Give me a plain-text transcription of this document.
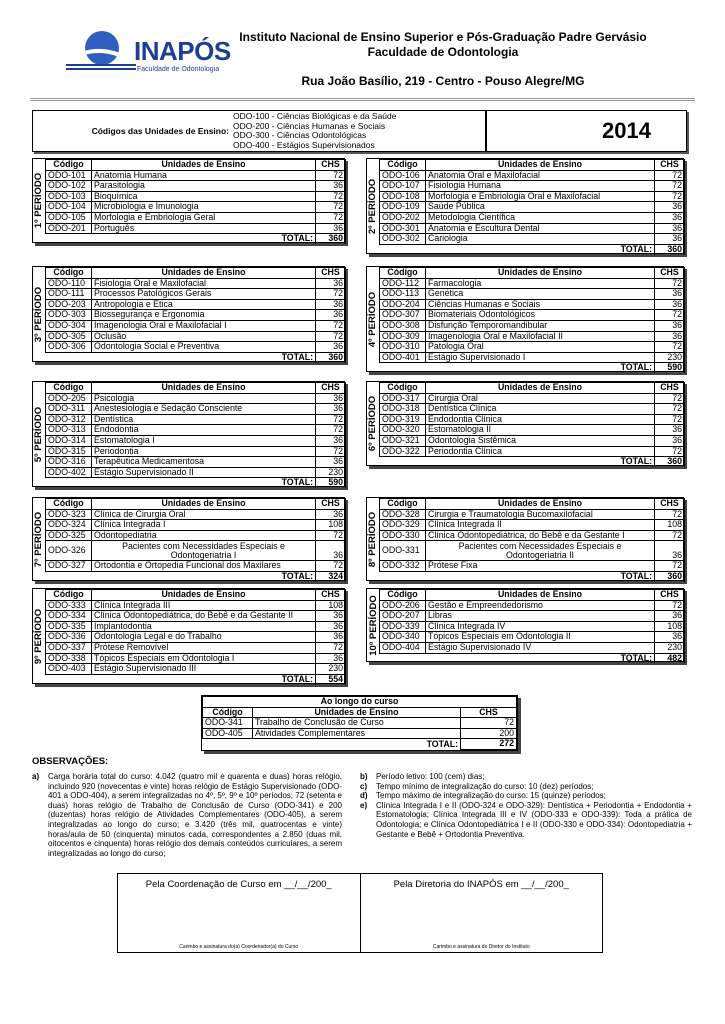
INAPÓS
Faculdade de Odontologia
Instituto Nacional de Ensino Superior e Pós-Graduação Padre Gervásio
Faculdade de Odontologia
Rua João Basílio, 219 - Centro - Pouso Alegre/MG
Códigos das Unidades de Ensino:
ODO-100 - Ciências Biológicas e da Saúde
ODO-200 - Ciências Humanas e Sociais
ODO-300 - Ciências Odontológicas
ODO-400 - Estágios Supervisionados
2014
1º PERÍODO
Código	Unidades de Ensino	CHS
ODO-101	Anatomia Humana	72
ODO-102	Parasitologia	36
ODO-103	Bioquímica	72
ODO-104	Microbiologia e Imunologia	72
ODO-105	Morfologia e Embriologia Geral	72
ODO-201	Português	36
TOTAL:		360
2º PERÍODO
Código	Unidades de Ensino	CHS
ODO-106	Anatomia Oral e Maxilofacial	72
ODO-107	Fisiologia Humana	72
ODO-108	Morfologia e Embriologia Oral e Maxilofacial	72
ODO-109	Saúde Pública	36
ODO-202	Metodologia Científica	36
ODO-301	Anatomia e Escultura Dental	36
ODO-302	Cariologia	36
TOTAL:		360
3º PERÍODO
Código	Unidades de Ensino	CHS
ODO-110	Fisiologia Oral e Maxilofacial	36
ODO-111	Processos Patológicos Gerais	72
ODO-203	Antropologia e Ética	36
ODO-303	Biossegurança e Ergonomia	36
ODO-304	Imagenologia Oral e Maxilofacial I	72
ODO-305	Oclusão	72
ODO-306	Odontologia Social e Preventiva	36
TOTAL:		360
4º PERÍODO
Código	Unidades de Ensino	CHS
ODO-112	Farmacologia	72
ODO-113	Genética	36
ODO-204	Ciências Humanas e Sociais	36
ODO-307	Biomateriais Odontológicos	72
ODO-308	Disfunção Temporomandibular	36
ODO-309	Imagenologia Oral e Maxilofacial II	36
ODO-310	Patologia Oral	72
ODO-401	Estágio Supervisionado I	230
TOTAL:		590
5º PERÍODO
Código	Unidades de Ensino	CHS
ODO-205	Psicologia	36
ODO-311	Anestesiologia e Sedação Consciente	36
ODO-312	Dentística	72
ODO-313	Endodontia	72
ODO-314	Estomatologia I	36
ODO-315	Periodontia	72
ODO-316	Terapêutica Medicamentosa	36
ODO-402	Estágio Supervisionado II	230
TOTAL:		590
6º PERÍODO
Código	Unidades de Ensino	CHS
ODO-317	Cirurgia Oral	72
ODO-318	Dentística Clínica	72
ODO-319	Endodontia Clínica	72
ODO-320	Estomatologia II	36
ODO-321	Odontologia Sistêmica	36
ODO-322	Periodontia Clínica	72
TOTAL:		360
7º PERÍODO
Código	Unidades de Ensino	CHS
ODO-323	Clínica de Cirurgia Oral	36
ODO-324	Clínica Integrada I	108
ODO-325	Odontopediatria	72
ODO-326	Pacientes com Necessidades Especiais e
Odontogeriatria I	36
ODO-327	Ortodontia e Ortopedia Funcional dos Maxilares	72
TOTAL:		324
8º PERÍODO
Código	Unidades de Ensino	CHS
ODO-328	Cirurgia e Traumatologia Bucomaxilofacial	72
ODO-329	Clínica Integrada II	108
ODO-330	Clínica Odontopediátrica, do Bebê e da Gestante I	72
ODO-331	Pacientes com Necessidades Especiais e
Odontogeriatria II	36
ODO-332	Prótese Fixa	72
TOTAL:		360
9º PERÍODO
Código	Unidades de Ensino	CHS
ODO-333	Clínica Integrada III	108
ODO-334	Clínica Odontopediátrica, do Bebê e da Gestante II	36
ODO-335	Implantodontia	36
ODO-336	Odontologia Legal e do Trabalho	36
ODO-337	Prótese Removível	72
ODO-338	Tópicos Especiais em Odontologia I	36
ODO-403	Estágio Supervisionado III	230
TOTAL:		554
10º PERÍODO
Código	Unidades de Ensino	CHS
ODO-206	Gestão e Empreendedorismo	72
ODO-207	Libras	36
ODO-339	Clínica Integrada IV	108
ODO-340	Tópicos Especiais em Odontologia II	36
ODO-404	Estágio Supervisionado IV	230
TOTAL:		482
Ao longo do curso		
Código	Unidades de Ensino	CHS
ODO-341	Trabalho de Conclusão de Curso	72
ODO-405	Atividades Complementares	200
TOTAL:		272
OBSERVAÇÕES:
a)	Carga horária total do curso: 4.042 (quatro mil e quarenta e duas) horas relógio, incluindo 920 (novecentas e vinte) horas relógio de Estágio Supervisionado (ODO-401 a ODO-404), a serem integralizadas no 4º, 5º, 9º e 10º períodos; 72 (setenta e duas) horas relógio de Trabalho de Conclusão de Curso (ODO-341) e 200 (duzentas) horas relógio de Atividades Complementares (ODO-405), a serem integralizadas ao longo do curso; e 3.420 (três mil, quatrocentas e vinte) horas/aula de 50 (cinquenta) minutos cada, correspondentes a 2.850 (duas mil, oitocentos e cinquenta) horas relógio dos demais conteúdos curriculares, a serem integralizadas ao longo do curso;
b)	Período letivo: 100 (cem) dias;
c)	Tempo mínimo de integralização do curso: 10 (dez) períodos;
d)	Tempo máximo de integralização do curso: 15 (quinze) períodos;
e)	Clínica Integrada I e II (ODO-324 e ODO-329): Dentística + Periodontia + Endodontia + Estomatologia; Clínica Integrada III e IV (ODO-333 e ODO-339): Toda a prática de Odontologia; e Clínica Odontopediátrica I e II (ODO-330 e ODO-334): Odontopediatria + Gestante e Bebê + Ortodontia Preventiva.
Pela Coordenação de Curso em __/__/200_
Carimbo e assinatura do(a) Coordenador(a) do Curso
Pela Diretoria do INAPÓS em __/__/200_
Carimbo e assinatura do Diretor do Instituto
